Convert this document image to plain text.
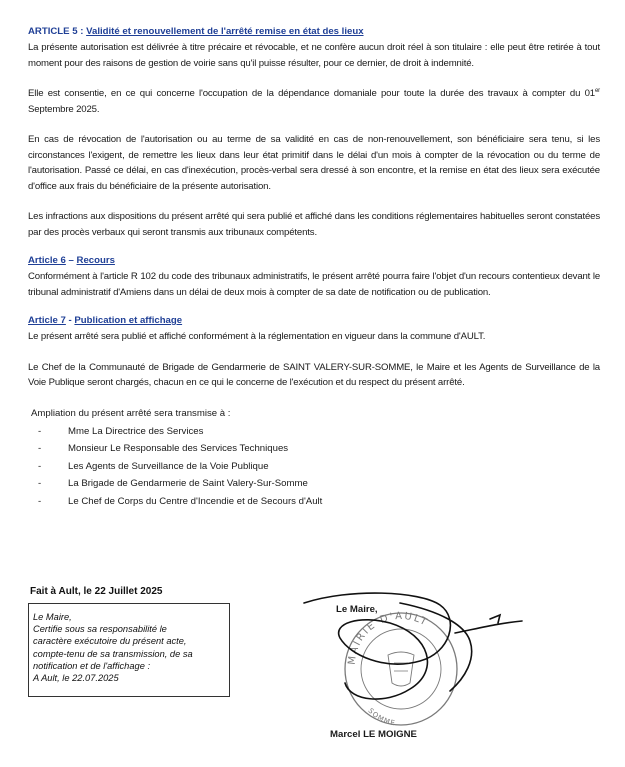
ARTICLE 5 : Validité et renouvellement de l'arrêté remise en état des lieux

La présente autorisation est délivrée à titre précaire et révocable, et ne confère aucun droit réel à son titulaire : elle peut être retirée à tout moment pour des raisons de gestion de voirie sans qu'il puisse résulter, pour ce dernier, de droit à indemnité.

Elle est consentie, en ce qui concerne l'occupation de la dépendance domaniale pour toute la durée des travaux à compter du 01er Septembre 2025.

En cas de révocation de l'autorisation ou au terme de sa validité en cas de non-renouvellement, son bénéficiaire sera tenu, si les circonstances l'exigent, de remettre les lieux dans leur état primitif dans le délai d'un mois à compter de la révocation ou du terme de l'autorisation. Passé ce délai, en cas d'inexécution, procès-verbal sera dressé à son encontre, et la remise en état des lieux sera exécutée d'office aux frais du bénéficiaire de la présente autorisation.

Les infractions aux dispositions du présent arrêté qui sera publié et affiché dans les conditions réglementaires habituelles seront constatées par des procès verbaux qui seront transmis aux tribunaux compétents.

Article 6 – Recours

Conformément à l'article R 102 du code des tribunaux administratifs, le présent arrêté pourra faire l'objet d'un recours contentieux devant le tribunal administratif d'Amiens dans un délai de deux mois à compter de sa date de notification ou de publication.

Article 7 - Publication et affichage

Le présent arrêté sera publié et affiché conformément à la réglementation en vigueur dans la commune d'AULT.

Le Chef de la Communauté de Brigade de Gendarmerie de SAINT VALERY-SUR-SOMME, le Maire et les Agents de Surveillance de la Voie Publique seront chargés, chacun en ce qui le concerne de l'exécution et du respect du présent arrêté.

Ampliation du présent arrêté sera transmise à :
- Mme La Directrice des Services
- Monsieur Le Responsable des Services Techniques
- Les Agents de Surveillance de la Voie Publique
- La Brigade de Gendarmerie de Saint Valery-Sur-Somme
- Le Chef de Corps du Centre d'Incendie et de Secours d'Ault
Fait à Ault, le 22 Juillet 2025
Le Maire,
Certifie sous sa responsabilité le
caractère exécutoire du présent acte,
compte-tenu de sa transmission, de sa
notification et de l'affichage :
A Ault, le 22.07.2025
MAIRIE D'AULT
SOMME
Le Maire,
Marcel LE MOIGNE
